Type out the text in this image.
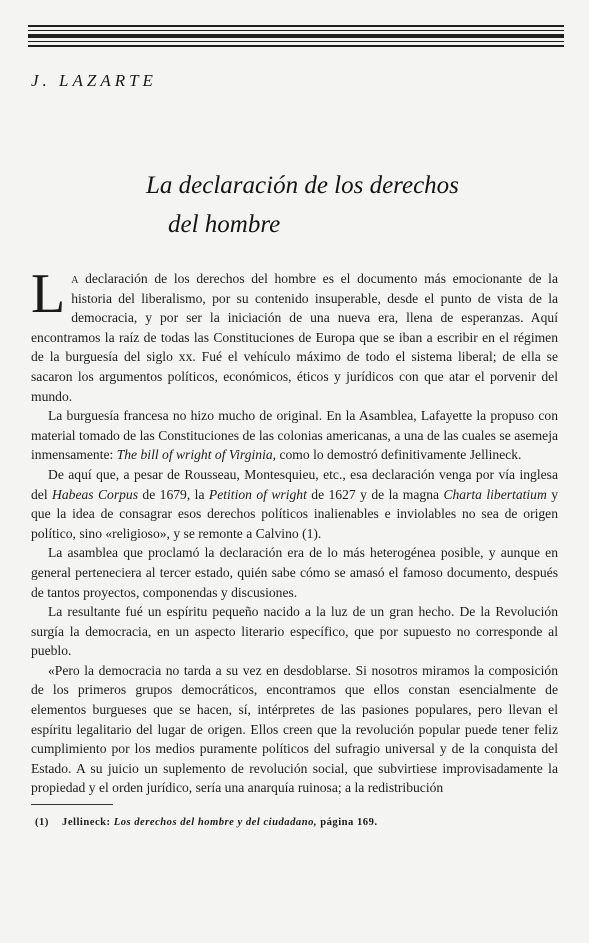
J. LAZARTE
La declaración de los derechos
del hombre

La declaración de los derechos del hombre es el documento más emocionante de la historia del liberalismo, por su contenido insuperable, desde el punto de vista de la democracia, y por ser la iniciación de una nueva era, llena de esperanzas. Aquí encontramos la raíz de todas las Constituciones de Europa que se iban a escribir en el régimen de la burguesía del siglo xx. Fué el vehículo máximo de todo el sistema liberal; de ella se sacaron los argumentos políticos, económicos, éticos y jurídicos con que atar el porvenir del mundo.

La burguesía francesa no hizo mucho de original. En la Asamblea, Lafayette la propuso con material tomado de las Constituciones de las colonias americanas, a una de las cuales se asemeja inmensamente: The bill of wright of Virginia, como lo demostró definitivamente Jellineck.

De aquí que, a pesar de Rousseau, Montesquieu, etc., esa declaración venga por vía inglesa del Habeas Corpus de 1679, la Petition of wright de 1627 y de la magna Charta libertatium y que la idea de consagrar esos derechos políticos inalienables e inviolables no sea de origen político, sino «religioso», y se remonte a Calvino (1).

La asamblea que proclamó la declaración era de lo más heterogénea posible, y aunque en general perteneciera al tercer estado, quién sabe cómo se amasó el famoso documento, después de tantos proyectos, componendas y discusiones.

La resultante fué un espíritu pequeño nacido a la luz de un gran hecho. De la Revolución surgía la democracia, en un aspecto literario específico, que por supuesto no corresponde al pueblo.

«Pero la democracia no tarda a su vez en desdoblarse. Si nosotros miramos la composición de los primeros grupos democráticos, encontramos que ellos constan esencialmente de elementos burgueses que se hacen, sí, intérpretes de las pasiones populares, pero llevan el espíritu legalitario del lugar de origen. Ellos creen que la revolución popular puede tener feliz cumplimiento por los medios puramente políticos del sufragio universal y de la conquista del Estado. A su juicio un suplemento de revolución social, que subvirtiese improvisadamente la propiedad y el orden jurídico, sería una anarquía ruinosa; a la redistribución

(1) Jellineck: Los derechos del hombre y del ciudadano, página 169.
